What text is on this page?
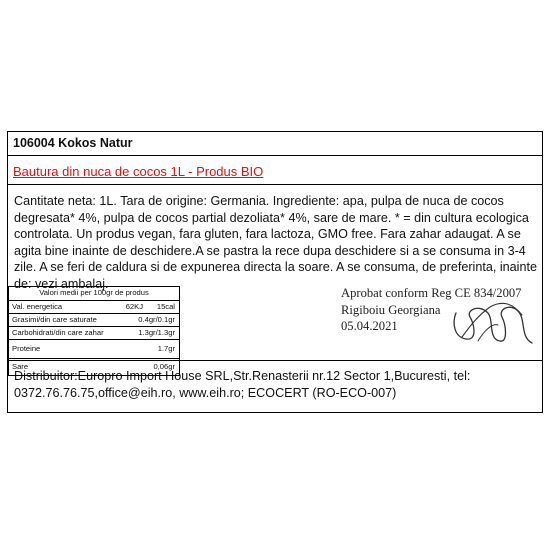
106004 Kokos Natur
Bautura din nuca de cocos 1L - Produs BIO

Cantitate neta: 1L. Tara de origine: Germania. Ingrediente: apa, pulpa de nuca de cocos degresata* 4%, pulpa de cocos partial dezoliata* 4%, sare de mare. * = din cultura ecologica controlata. Un produs vegan, fara gluten, fara lactoza, GMO free. Fara zahar adaugat. A se agita bine inainte de deschidere.A se pastra la rece dupa deschidere si a se consuma in 3-4 zile. A se feri de caldura si de expunerea directa la soare. A se consuma, de preferinta, inainte de: vezi ambalaj.

Distribuitor:Europro Import House SRL,Str.Renasterii nr.12 Sector 1,Bucuresti, tel: 0372.76.76.75,office@eih.ro, www.eih.ro; ECOCERT (RO-ECO-007)

Valori medii per 100gr de produs
Val. energetica	62KJ 15cal
Grasimi/din care saturate	0.4gr/0.1gr
Carbohidrati/din care zahar	1.3gr/1.3gr
Proteine	1.7gr
Sare	0,06gr
Aprobat conform Reg CE 834/2007
Rigiboiu Georgiana
05.04.2021
